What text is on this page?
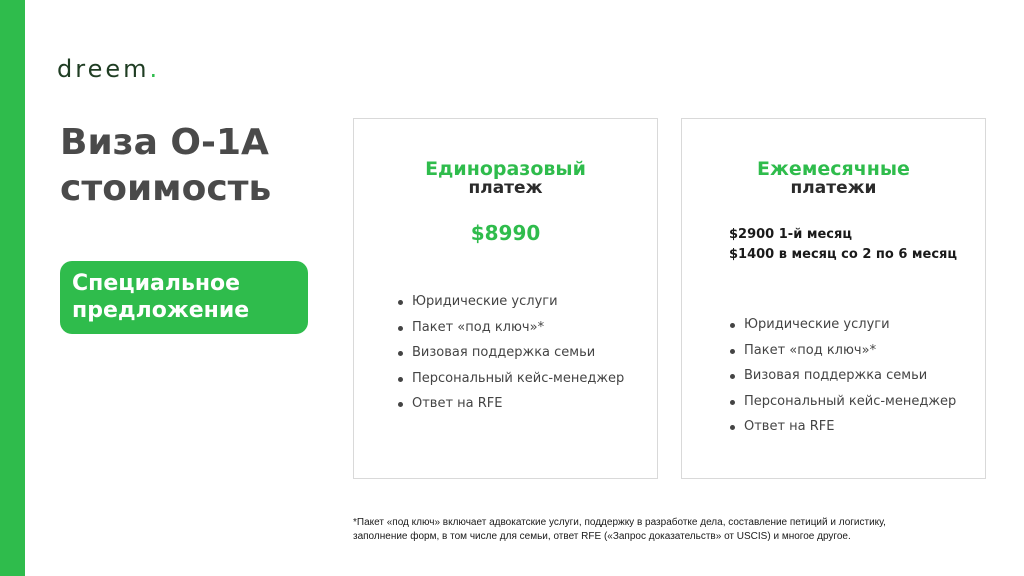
dreem.
Виза О-1А
стоимость
Специальное
предложение
Единоразовый
платеж
$8990
Юридические услуги
Пакет «под ключ»*
Визовая поддержка семьи
Персональный кейс-менеджер
Ответ на RFE
Ежемесячные
платежи
$2900 1-й месяц
$1400 в месяц со 2 по 6 месяц
Юридические услуги
Пакет «под ключ»*
Визовая поддержка семьи
Персональный кейс-менеджер
Ответ на RFE
*Пакет «под ключ» включает адвокатские услуги, поддержку в разработке дела, составление петиций и логистику,
заполнение форм, в том числе для семьи, ответ RFE («Запрос доказательств» от USCIS) и многое другое.
